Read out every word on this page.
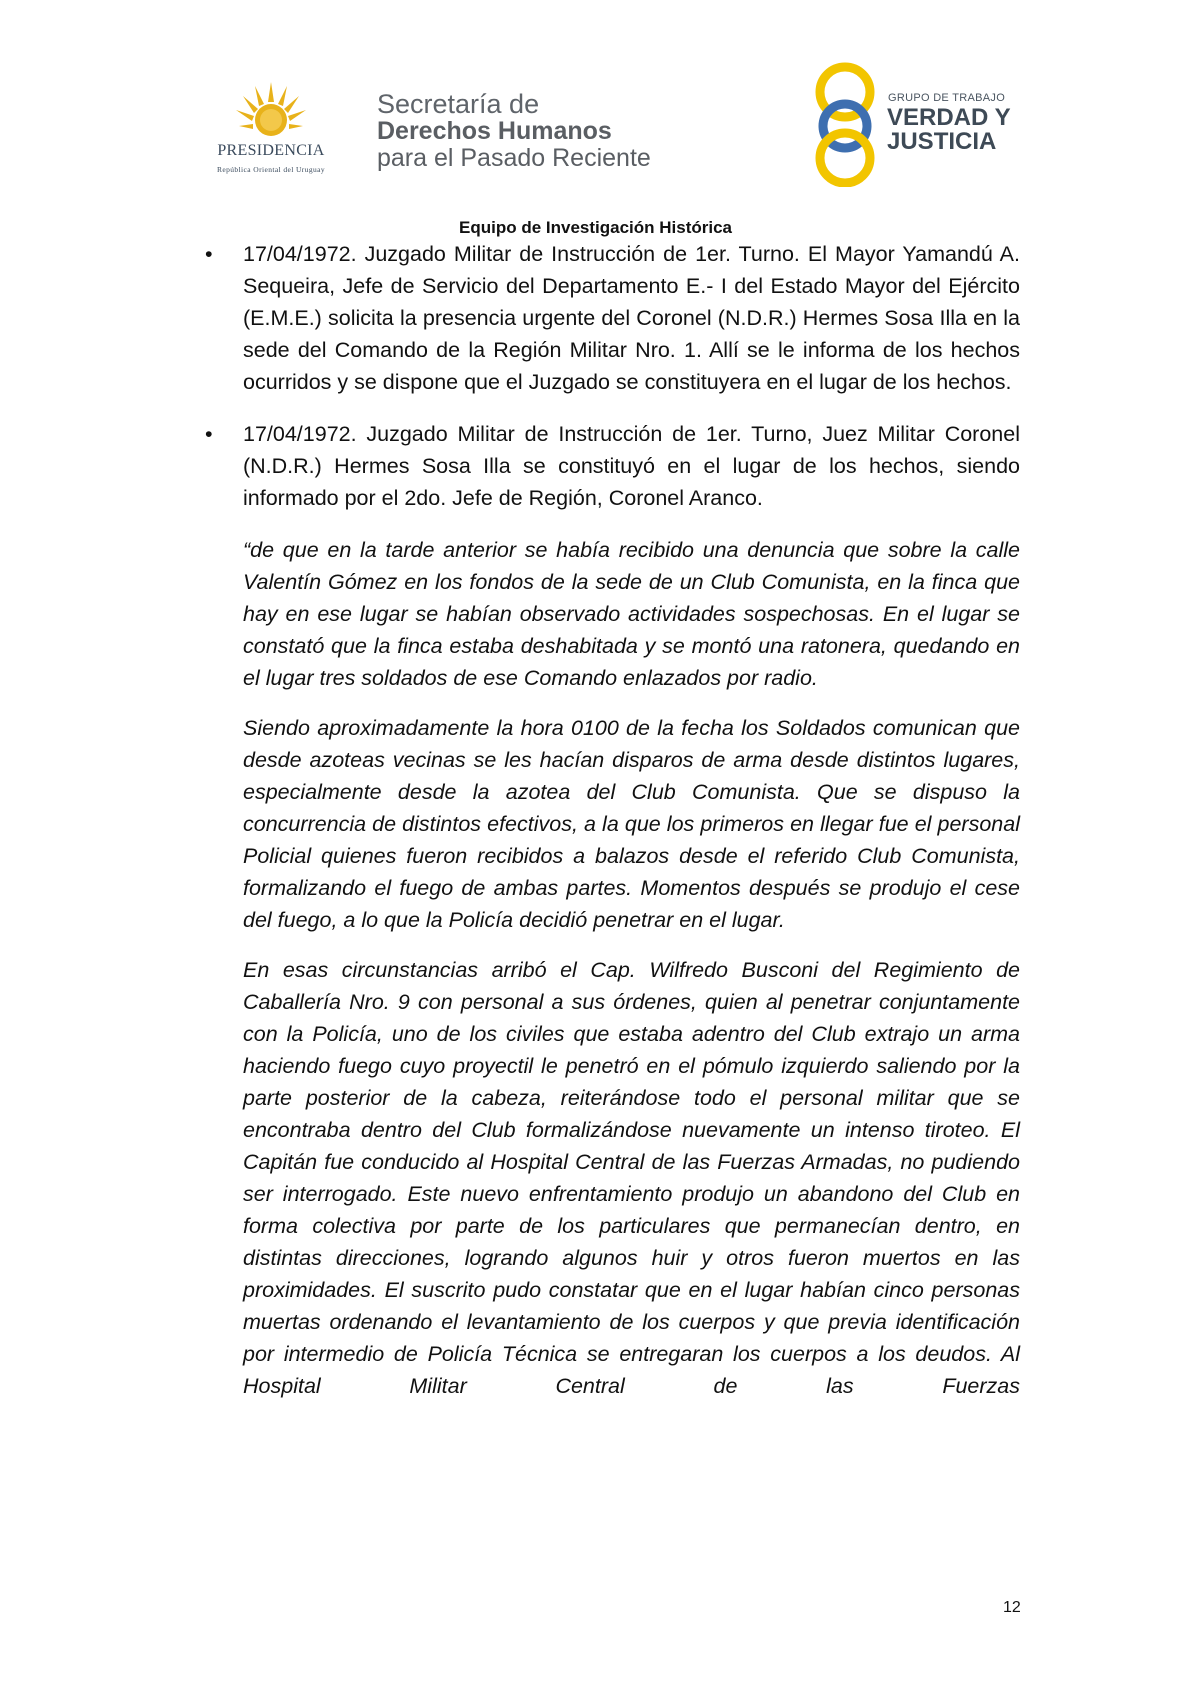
PRESIDENCIA
República Oriental del Uruguay
Secretaría de
Derechos Humanos
para el Pasado Reciente
GRUPO DE TRABAJO
VERDAD Y
JUSTICIA
Equipo de Investigación Histórica
• 17/04/1972. Juzgado Militar de Instrucción de 1er. Turno. El Mayor Yamandú A. Sequeira, Jefe de Servicio del Departamento E.- I del Estado Mayor del Ejército (E.M.E.) solicita la presencia urgente del Coronel (N.D.R.) Hermes Sosa Illa en la sede del Comando de la Región Militar Nro. 1. Allí se le informa de los hechos ocurridos y se dispone que el Juzgado se constituyera en el lugar de los hechos.

• 17/04/1972. Juzgado Militar de Instrucción de 1er. Turno, Juez Militar Coronel (N.D.R.) Hermes Sosa Illa se constituyó en el lugar de los hechos, siendo informado por el 2do. Jefe de Región, Coronel Aranco.

“de que en la tarde anterior se había recibido una denuncia que sobre la calle Valentín Gómez en los fondos de la sede de un Club Comunista, en la finca que hay en ese lugar se habían observado actividades sospechosas. En el lugar se constató que la finca estaba deshabitada y se montó una ratonera, quedando en el lugar tres soldados de ese Comando enlazados por radio.

Siendo aproximadamente la hora 0100 de la fecha los Soldados comunican que desde azoteas vecinas se les hacían disparos de arma desde distintos lugares, especialmente desde la azotea del Club Comunista. Que se dispuso la concurrencia de distintos efectivos, a la que los primeros en llegar fue el personal Policial quienes fueron recibidos a balazos desde el referido Club Comunista, formalizando el fuego de ambas partes. Momentos después se produjo el cese del fuego, a lo que la Policía decidió penetrar en el lugar.

En esas circunstancias arribó el Cap. Wilfredo Busconi del Regimiento de Caballería Nro. 9 con personal a sus órdenes, quien al penetrar conjuntamente con la Policía, uno de los civiles que estaba adentro del Club extrajo un arma haciendo fuego cuyo proyectil le penetró en el pómulo izquierdo saliendo por la parte posterior de la cabeza, reiterándose todo el personal militar que se encontraba dentro del Club formalizándose nuevamente un intenso tiroteo. El Capitán fue conducido al Hospital Central de las Fuerzas Armadas, no pudiendo ser interrogado. Este nuevo enfrentamiento produjo un abandono del Club en forma colectiva por parte de los particulares que permanecían dentro, en distintas direcciones, logrando algunos huir y otros fueron muertos en las proximidades. El suscrito pudo constatar que en el lugar habían cinco personas muertas ordenando el levantamiento de los cuerpos y que previa identificación por intermedio de Policía Técnica se entregaran los cuerpos a los deudos. Al Hospital Militar Central de las Fuerzas

12
